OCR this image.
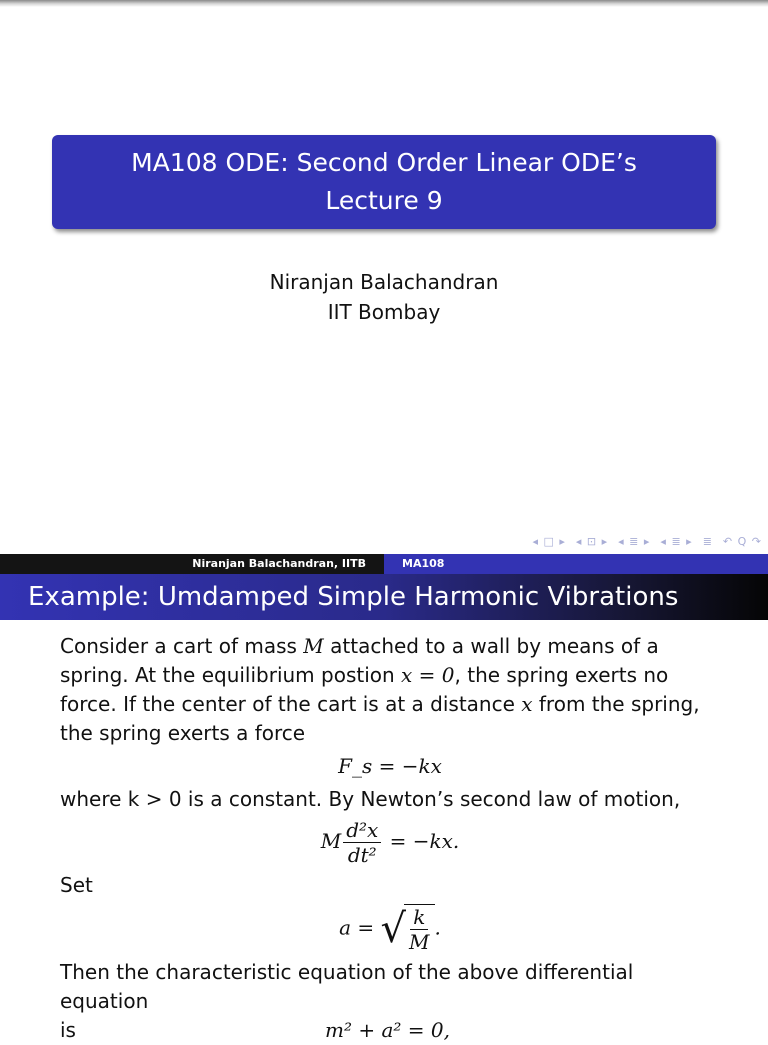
MA108 ODE: Second Order Linear ODE’s
Lecture 9
Niranjan Balachandran
IIT Bombay
◂ □ ▸ ◂ ⊡ ▸ ◂ ≣ ▸ ◂ ≣ ▸ ≣ ↶ Q ↷
Niranjan Balachandran, IITB	MA108
Example: Umdamped Simple Harmonic Vibrations

Consider a cart of mass M attached to a wall by means of a spring. At the equilibrium postion x = 0, the spring exerts no force. If the center of the cart is at a distance x from the spring, the spring exerts a force

F_s = −kx

where k > 0 is a constant. By Newton’s second law of motion,

M $\frac{\text{d²x}}{\text{dt²}} = -kx$.

Set

a = √ $\frac{k}{M}$ .

Then the characteristic equation of the above differential equation

is	m² + a² = 0,
